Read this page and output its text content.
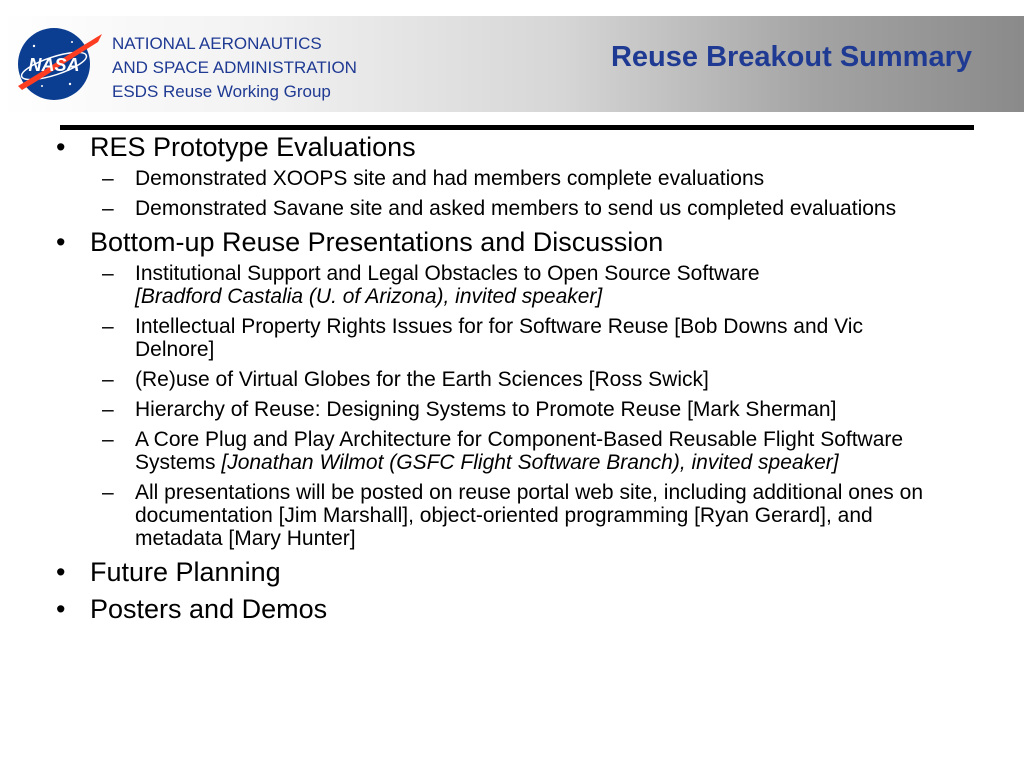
NASA
NATIONAL AERONAUTICS
AND SPACE ADMINISTRATION
ESDS Reuse Working Group
Reuse Breakout Summary
• RES Prototype Evaluations
– Demonstrated XOOPS site and had members complete evaluations
– Demonstrated Savane site and asked members to send us completed evaluations
• Bottom-up Reuse Presentations and Discussion
– Institutional Support and Legal Obstacles to Open Source Software
[Bradford Castalia (U. of Arizona), invited speaker]
– Intellectual Property Rights Issues for for Software Reuse [Bob Downs and Vic Delnore]
– (Re)use of Virtual Globes for the Earth Sciences [Ross Swick]
– Hierarchy of Reuse: Designing Systems to Promote Reuse [Mark Sherman]
– A Core Plug and Play Architecture for Component-Based Reusable Flight Software Systems [Jonathan Wilmot (GSFC Flight Software Branch), invited speaker]
– All presentations will be posted on reuse portal web site, including additional ones on documentation [Jim Marshall], object-oriented programming [Ryan Gerard], and metadata [Mary Hunter]
• Future Planning
• Posters and Demos
